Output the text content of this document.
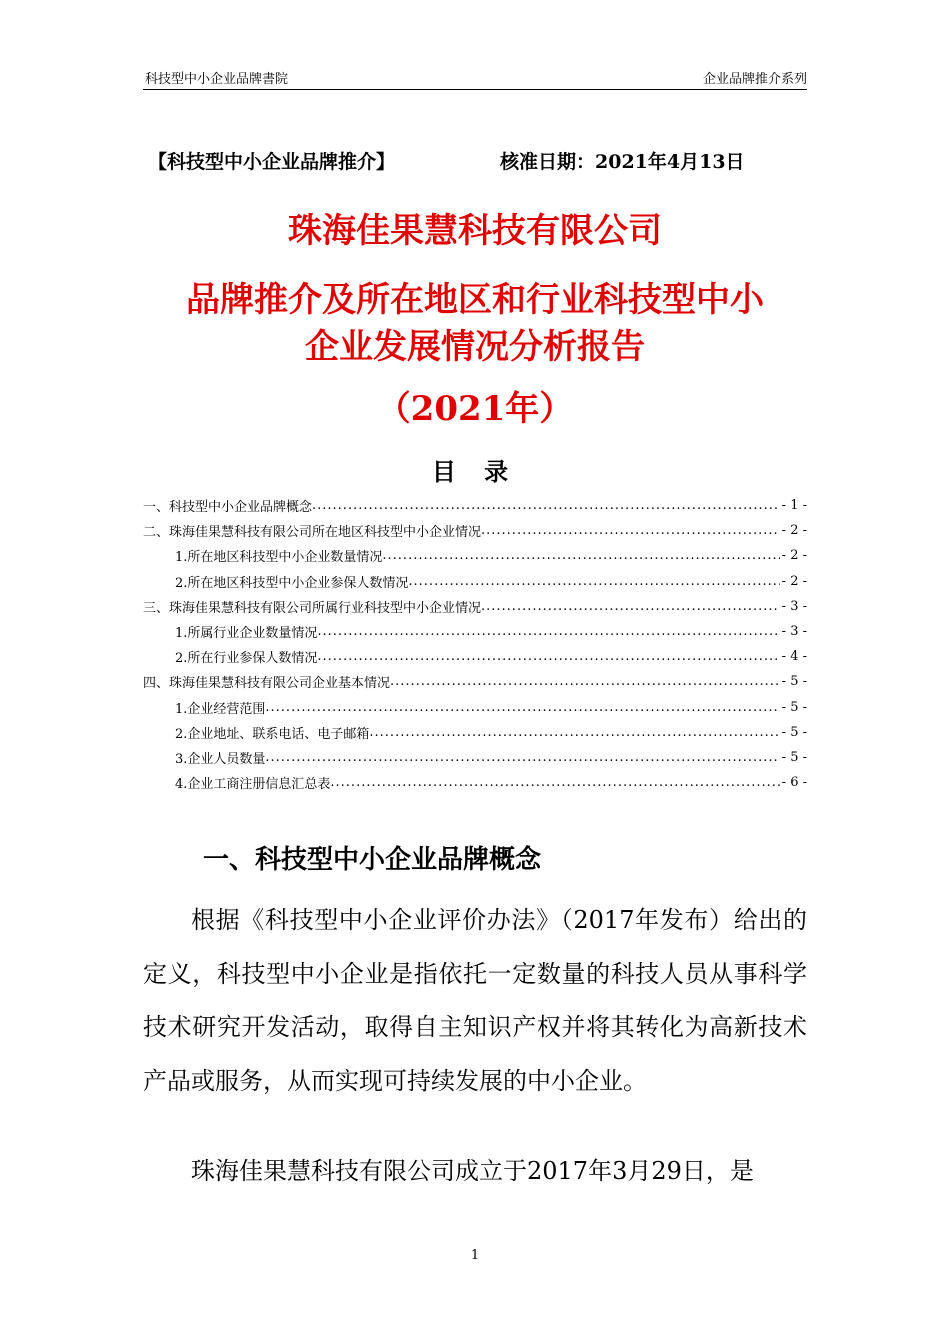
科技型中小企业品牌書院	企业品牌推介系列
【科技型中小企业品牌推介】	核准日期：2021年4月13日
珠海佳果慧科技有限公司
品牌推介及所在地区和行业科技型中小
企业发展情况分析报告
（2021年）
目 录
一、科技型中小企业品牌概念 .....	- 1 -
二、珠海佳果慧科技有限公司所在地区科技型中小企业情况 .....	- 2 -
1.所在地区科技型中小企业数量情况 .....	- 2 -
2.所在地区科技型中小企业参保人数情况 .....	- 2 -
三、珠海佳果慧科技有限公司所属行业科技型中小企业情况 .....	- 3 -
1.所属行业企业数量情况 .....	- 3 -
2.所在行业参保人数情况 .....	- 4 -
四、珠海佳果慧科技有限公司企业基本情况 .....	- 5 -
1.企业经营范围 .....	- 5 -
2.企业地址、联系电话、电子邮箱 .....	- 5 -
3.企业人员数量 .....	- 5 -
4.企业工商注册信息汇总表 .....	- 6 -
一、科技型中小企业品牌概念
根据《科技型中小企业评价办法》（2017年发布）给出的定义，科技型中小企业是指依托一定数量的科技人员从事科学技术研究开发活动，取得自主知识产权并将其转化为高新技术产品或服务，从而实现可持续发展的中小企业。
珠海佳果慧科技有限公司成立于2017年3月29日，是
1
